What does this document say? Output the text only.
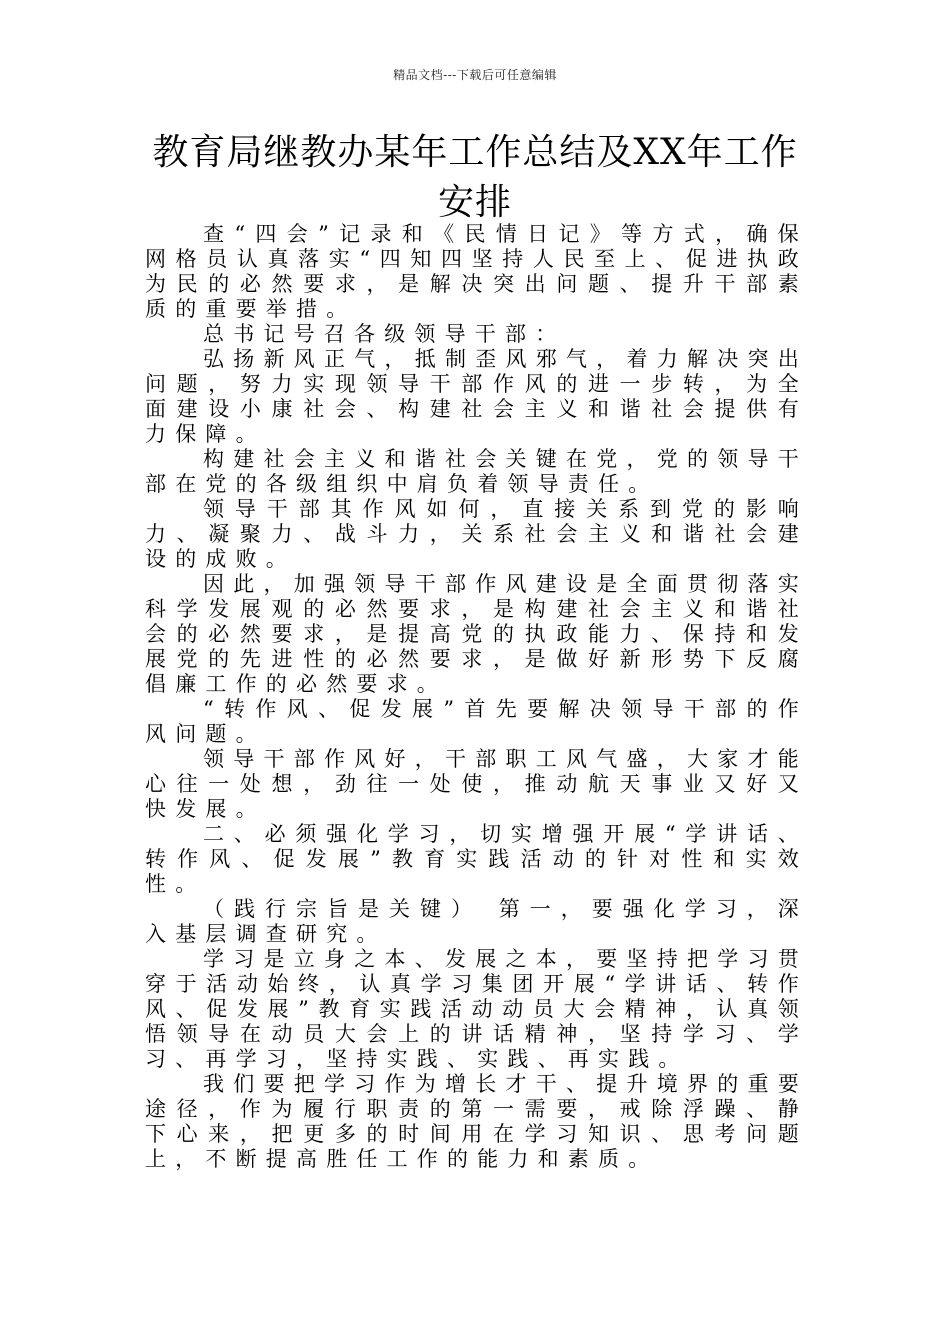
精品文档---下载后可任意编辑
教育局继教办某年工作总结及XX年工作安排

查“四会”记录和《民情日记》等方式，确保网格员认真落实“四知四坚持人民至上、促进执政为民的必然要求，是解决突出问题、提升干部素质的重要举措。

总书记号召各级领导干部：

弘扬新风正气，抵制歪风邪气，着力解决突出问题，努力实现领导干部作风的进一步转，为全面建设小康社会、构建社会主义和谐社会提供有力保障。

构建社会主义和谐社会关键在党，党的领导干部在党的各级组织中肩负着领导责任。

领导干部其作风如何，直接关系到党的影响力、凝聚力、战斗力，关系社会主义和谐社会建设的成败。

因此，加强领导干部作风建设是全面贯彻落实科学发展观的必然要求，是构建社会主义和谐社会的必然要求，是提高党的执政能力、保持和发展党的先进性的必然要求，是做好新形势下反腐倡廉工作的必然要求。

“转作风、促发展”首先要解决领导干部的作风问题。

领导干部作风好，干部职工风气盛，大家才能心往一处想，劲往一处使，推动航天事业又好又快发展。

二、必须强化学习，切实增强开展“学讲话、转作风、促发展”教育实践活动的针对性和实效性。

（践行宗旨是关键） 第一，要强化学习，深入基层调查研究。

学习是立身之本、发展之本，要坚持把学习贯穿于活动始终，认真学习集团开展“学讲话、转作风、促发展”教育实践活动动员大会精神，认真领悟领导在动员大会上的讲话精神，坚持学习、学习、再学习，坚持实践、实践、再实践。

我们要把学习作为增长才干、提升境界的重要途径，作为履行职责的第一需要，戒除浮躁、静下心来，把更多的时间用在学习知识、思考问题上，不断提高胜任工作的能力和素质。
